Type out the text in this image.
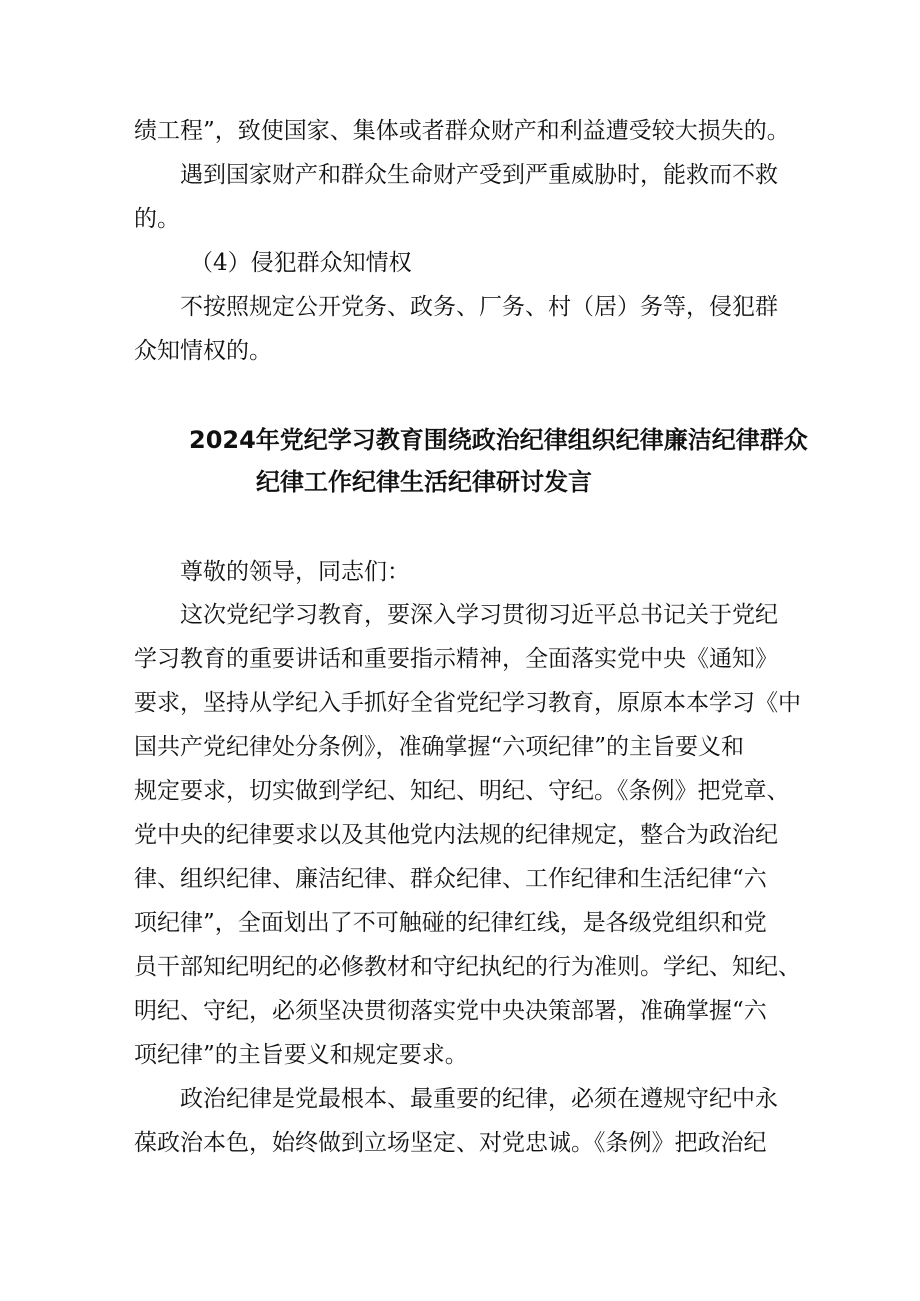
绩工程”，致使国家、集体或者群众财产和利益遭受较大损失的。
遇到国家财产和群众生命财产受到严重威胁时，能救而不救
的。
（4）侵犯群众知情权
不按照规定公开党务、政务、厂务、村（居）务等，侵犯群
众知情权的。
2024年党纪学习教育围绕政治纪律组织纪律廉洁纪律群众
纪律工作纪律生活纪律研讨发言
尊敬的领导，同志们：
这次党纪学习教育，要深入学习贯彻习近平总书记关于党纪
学习教育的重要讲话和重要指示精神，全面落实党中央《通知》
要求，坚持从学纪入手抓好全省党纪学习教育，原原本本学习《中
国共产党纪律处分条例》，准确掌握“六项纪律”的主旨要义和
规定要求，切实做到学纪、知纪、明纪、守纪。《条例》把党章、
党中央的纪律要求以及其他党内法规的纪律规定，整合为政治纪
律、组织纪律、廉洁纪律、群众纪律、工作纪律和生活纪律“六
项纪律”，全面划出了不可触碰的纪律红线，是各级党组织和党
员干部知纪明纪的必修教材和守纪执纪的行为准则。学纪、知纪、
明纪、守纪，必须坚决贯彻落实党中央决策部署，准确掌握“六
项纪律”的主旨要义和规定要求。
政治纪律是党最根本、最重要的纪律，必须在遵规守纪中永
葆政治本色，始终做到立场坚定、对党忠诚。《条例》把政治纪
